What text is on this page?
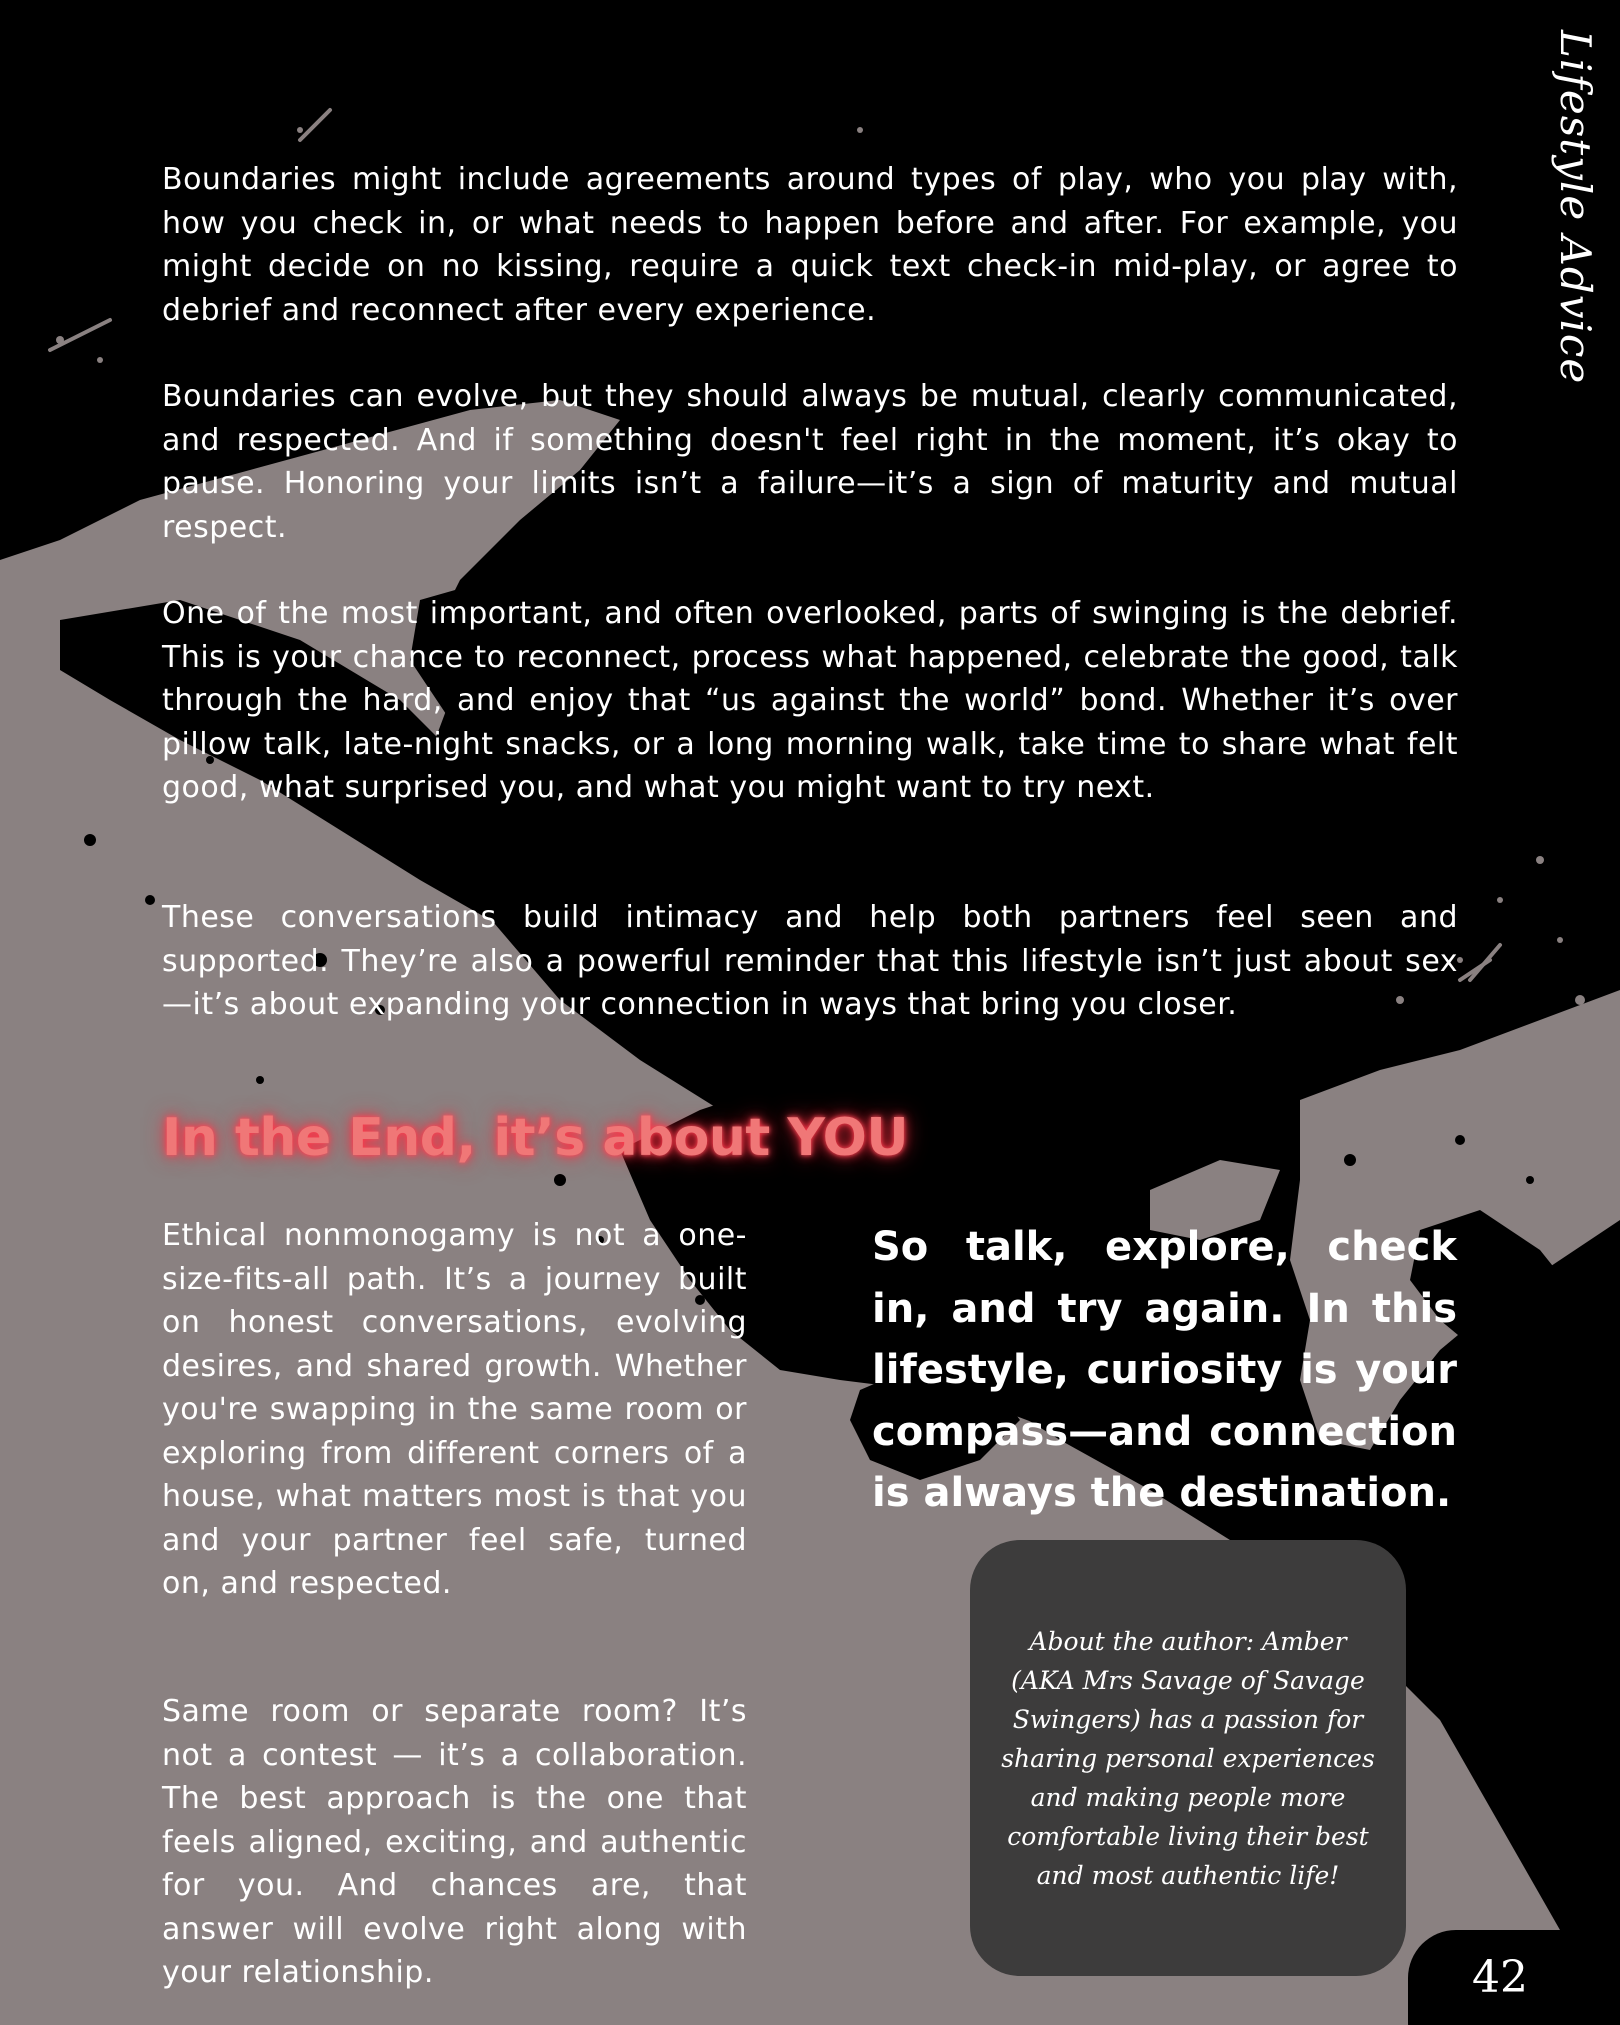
Lifestyle Advice

Boundaries might include agreements around types of play, who you play with, how you check in, or what needs to happen before and after. For example, you might decide on no kissing, require a quick text check-in mid-play, or agree to debrief and reconnect after every experience.

Boundaries can evolve, but they should always be mutual, clearly communicated, and respected. And if something doesn't feel right in the moment, it’s okay to pause. Honoring your limits isn’t a failure—it’s a sign of maturity and mutual respect.

One of the most important, and often overlooked, parts of swinging is the debrief. This is your chance to reconnect, process what happened, celebrate the good, talk through the hard, and enjoy that “us against the world” bond. Whether it’s over pillow talk, late-night snacks, or a long morning walk, take time to share what felt good, what surprised you, and what you might want to try next.

These conversations build intimacy and help both partners feel seen and supported. They’re also a powerful reminder that this lifestyle isn’t just about sex —it’s about expanding your connection in ways that bring you closer.

In the End, it’s about YOU

Ethical nonmonogamy is not a one-size-fits-all path. It’s a journey built on honest conversations, evolving desires, and shared growth. Whether you're swapping in the same room or exploring from different corners of a house, what matters most is that you and your partner feel safe, turned on, and respected.

Same room or separate room? It’s not a contest — it’s a collaboration. The best approach is the one that feels aligned, exciting, and authentic for you. And chances are, that answer will evolve right along with your relationship.

So talk, explore, check in, and try again. In this lifestyle, curiosity is your compass—and connection is always the destination.

About the author: Amber (AKA Mrs Savage of Savage Swingers) has a passion for sharing personal experiences and making people more comfortable living their best and most authentic life!

42
